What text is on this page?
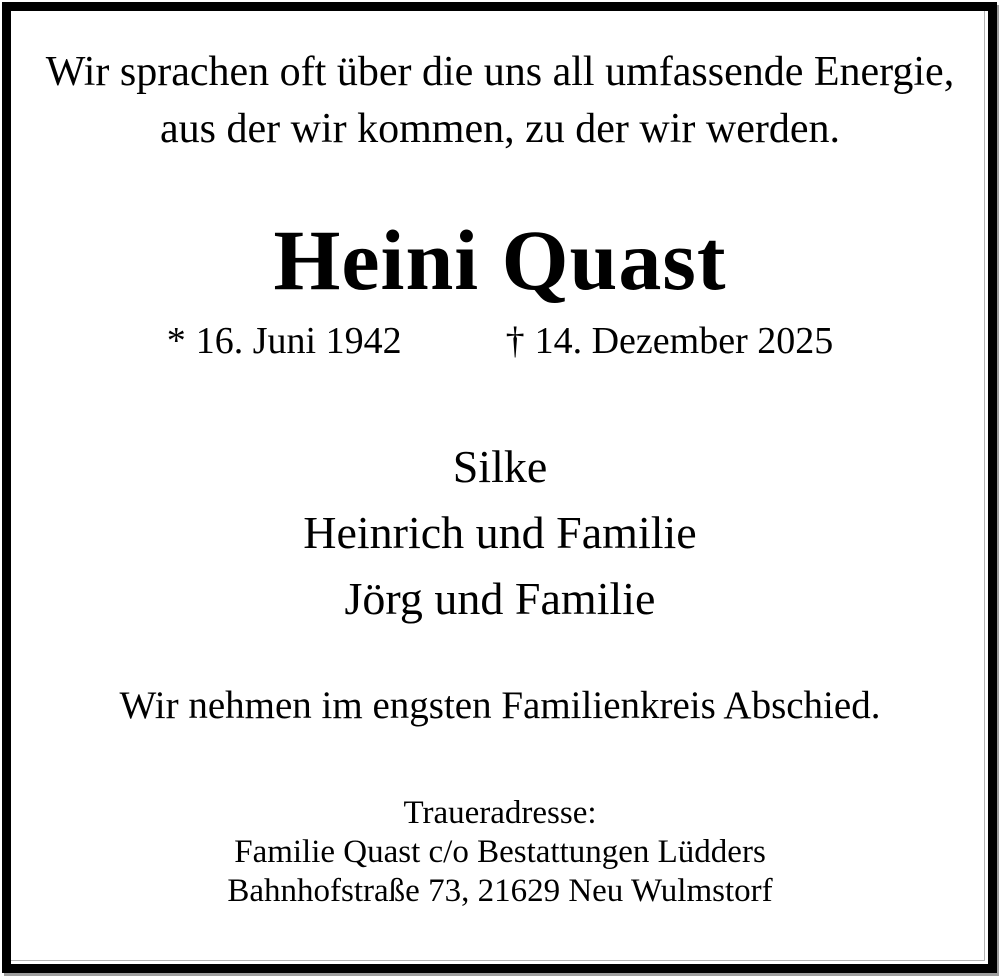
Wir sprachen oft über die uns all umfassende Energie,
aus der wir kommen, zu der wir werden.
Heini Quast
* 16. Juni 1942	† 14. Dezember 2025
Silke
Heinrich und Familie
Jörg und Familie
Wir nehmen im engsten Familienkreis Abschied.
Traueradresse:
Familie Quast c/o Bestattungen Lüdders
Bahnhofstraße 73, 21629 Neu Wulmstorf
